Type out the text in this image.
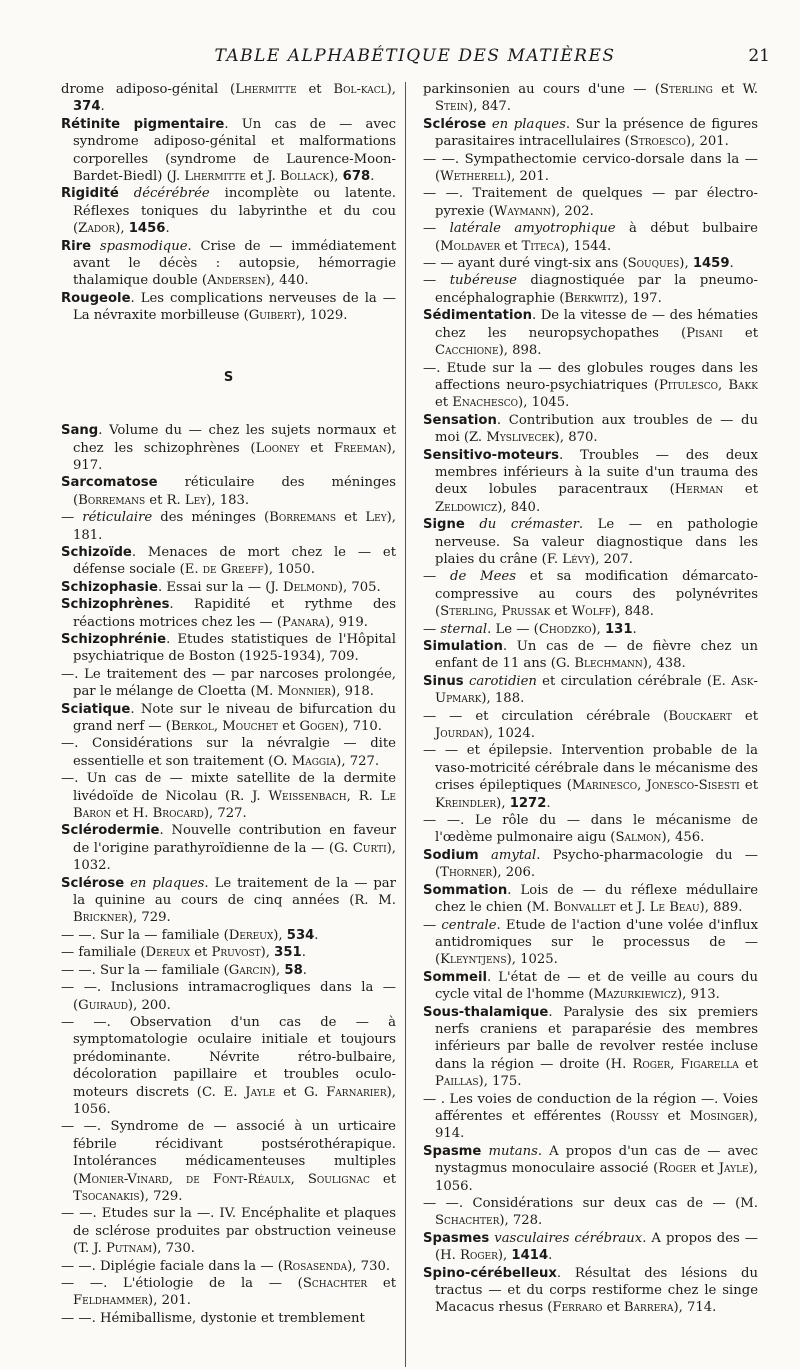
TABLE ALPHABÉTIQUE DES MATIÈRES	21

drome adiposo-génital (Lhermitte et Bol-kacl), 374.

Rétinite pigmentaire. Un cas de — avec syndrome adiposo-génital et malformations corporelles (syndrome de Laurence-Moon-Bardet-Biedl) (J. Lhermitte et J. Bollack), 678.

Rigidité décérébrée incomplète ou latente. Réflexes toniques du labyrinthe et du cou (Zador), 1456.

Rire spasmodique. Crise de — immédiatement avant le décès : autopsie, hémorragie thalamique double (Andersen), 440.

Rougeole. Les complications nerveuses de la — La névraxite morbilleuse (Guibert), 1029.

S

Sang. Volume du — chez les sujets normaux et chez les schizophrènes (Looney et Freeman), 917.

Sarcomatose réticulaire des méninges (Borremans et R. Ley), 183.

— réticulaire des méninges (Borremans et Ley), 181.

Schizoïde. Menaces de mort chez le — et défense sociale (E. de Greeff), 1050.

Schizophasie. Essai sur la — (J. Delmond), 705.

Schizophrènes. Rapidité et rythme des réactions motrices chez les — (Panara), 919.

Schizophrénie. Etudes statistiques de l'Hôpital psychiatrique de Boston (1925-1934), 709.

—. Le traitement des — par narcoses prolongée, par le mélange de Cloetta (M. Monnier), 918.

Sciatique. Note sur le niveau de bifurcation du grand nerf — (Berkol, Mouchet et Gogen), 710.

—. Considérations sur la névralgie — dite essentielle et son traitement (O. Maggia), 727.

—. Un cas de — mixte satellite de la dermite livédoïde de Nicolau (R. J. Weissenbach, R. Le Baron et H. Brocard), 727.

Sclérodermie. Nouvelle contribution en faveur de l'origine parathyroïdienne de la — (G. Curti), 1032.

Sclérose en plaques. Le traitement de la — par la quinine au cours de cinq années (R. M. Brickner), 729.

— —. Sur la — familiale (Dereux), 534.

— familiale (Dereux et Pruvost), 351.

— —. Sur la — familiale (Garcin), 58.

— —. Inclusions intramacrogliques dans la — (Guiraud), 200.

— —. Observation d'un cas de — à symptomatologie oculaire initiale et toujours prédominante. Névrite rétro-bulbaire, décoloration papillaire et troubles oculo-moteurs discrets (C. E. Jayle et G. Farnarier), 1056.

— —. Syndrome de — associé à un urticaire fébrile récidivant postsérothérapique. Intolérances médicamenteuses multiples (Monier-Vinard, de Font-Réaulx, Soulignac et Tsocanakis), 729.

— —. Etudes sur la —. IV. Encéphalite et plaques de sclérose produites par obstruction veineuse (T. J. Putnam), 730.

— —. Diplégie faciale dans la — (Rosasenda), 730.

— —. L'étiologie de la — (Schachter et Feldhammer), 201.

— —. Hémiballisme, dystonie et tremblement

parkinsonien au cours d'une — (Sterling et W. Stein), 847.

Sclérose en plaques. Sur la présence de figures parasitaires intracellulaires (Stroesco), 201.

— —. Sympathectomie cervico-dorsale dans la — (Wetherell), 201.

— —. Traitement de quelques — par électro-pyrexie (Waymann), 202.

— latérale amyotrophique à début bulbaire (Moldaver et Titeca), 1544.

— — ayant duré vingt-six ans (Souques), 1459.

— tubéreuse diagnostiquée par la pneumo-encéphalographie (Berkwitz), 197.

Sédimentation. De la vitesse de — des hématies chez les neuropsychopathes (Pisani et Cacchione), 898.

—. Etude sur la — des globules rouges dans les affections neuro-psychiatriques (Pitulesco, Bakk et Enachesco), 1045.

Sensation. Contribution aux troubles de — du moi (Z. Myslivecek), 870.

Sensitivo-moteurs. Troubles — des deux membres inférieurs à la suite d'un trauma des deux lobules paracentraux (Herman et Zeldowicz), 840.

Signe du crémaster. Le — en pathologie nerveuse. Sa valeur diagnostique dans les plaies du crâne (F. Lévy), 207.

— de Mees et sa modification démarcato-compressive au cours des polynévrites (Sterling, Prussak et Wolff), 848.

— sternal. Le — (Chodzko), 131.

Simulation. Un cas de — de fièvre chez un enfant de 11 ans (G. Blechmann), 438.

Sinus carotidien et circulation cérébrale (E. Ask-Upmark), 188.

— — et circulation cérébrale (Bouckaert et Jourdan), 1024.

— — et épilepsie. Intervention probable de la vaso-motricité cérébrale dans le mécanisme des crises épileptiques (Marinesco, Jonesco-Sisesti et Kreindler), 1272.

— —. Le rôle du — dans le mécanisme de l'œdème pulmonaire aigu (Salmon), 456.

Sodium amytal. Psycho-pharmacologie du — (Thorner), 206.

Sommation. Lois de — du réflexe médullaire chez le chien (M. Bonvallet et J. Le Beau), 889.

— centrale. Etude de l'action d'une volée d'influx antidromiques sur le processus de — (Kleyntjens), 1025.

Sommeil. L'état de — et de veille au cours du cycle vital de l'homme (Mazurkiewicz), 913.

Sous-thalamique. Paralysie des six premiers nerfs craniens et paraparésie des membres inférieurs par balle de revolver restée incluse dans la région — droite (H. Roger, Figarella et Paillas), 175.

— . Les voies de conduction de la région —. Voies afférentes et efférentes (Roussy et Mosinger), 914.

Spasme mutans. A propos d'un cas de — avec nystagmus monoculaire associé (Roger et Jayle), 1056.

— —. Considérations sur deux cas de — (M. Schachter), 728.

Spasmes vasculaires cérébraux. A propos des — (H. Roger), 1414.

Spino-cérébelleux. Résultat des lésions du tractus — et du corps restiforme chez le singe Macacus rhesus (Ferraro et Barrera), 714.
